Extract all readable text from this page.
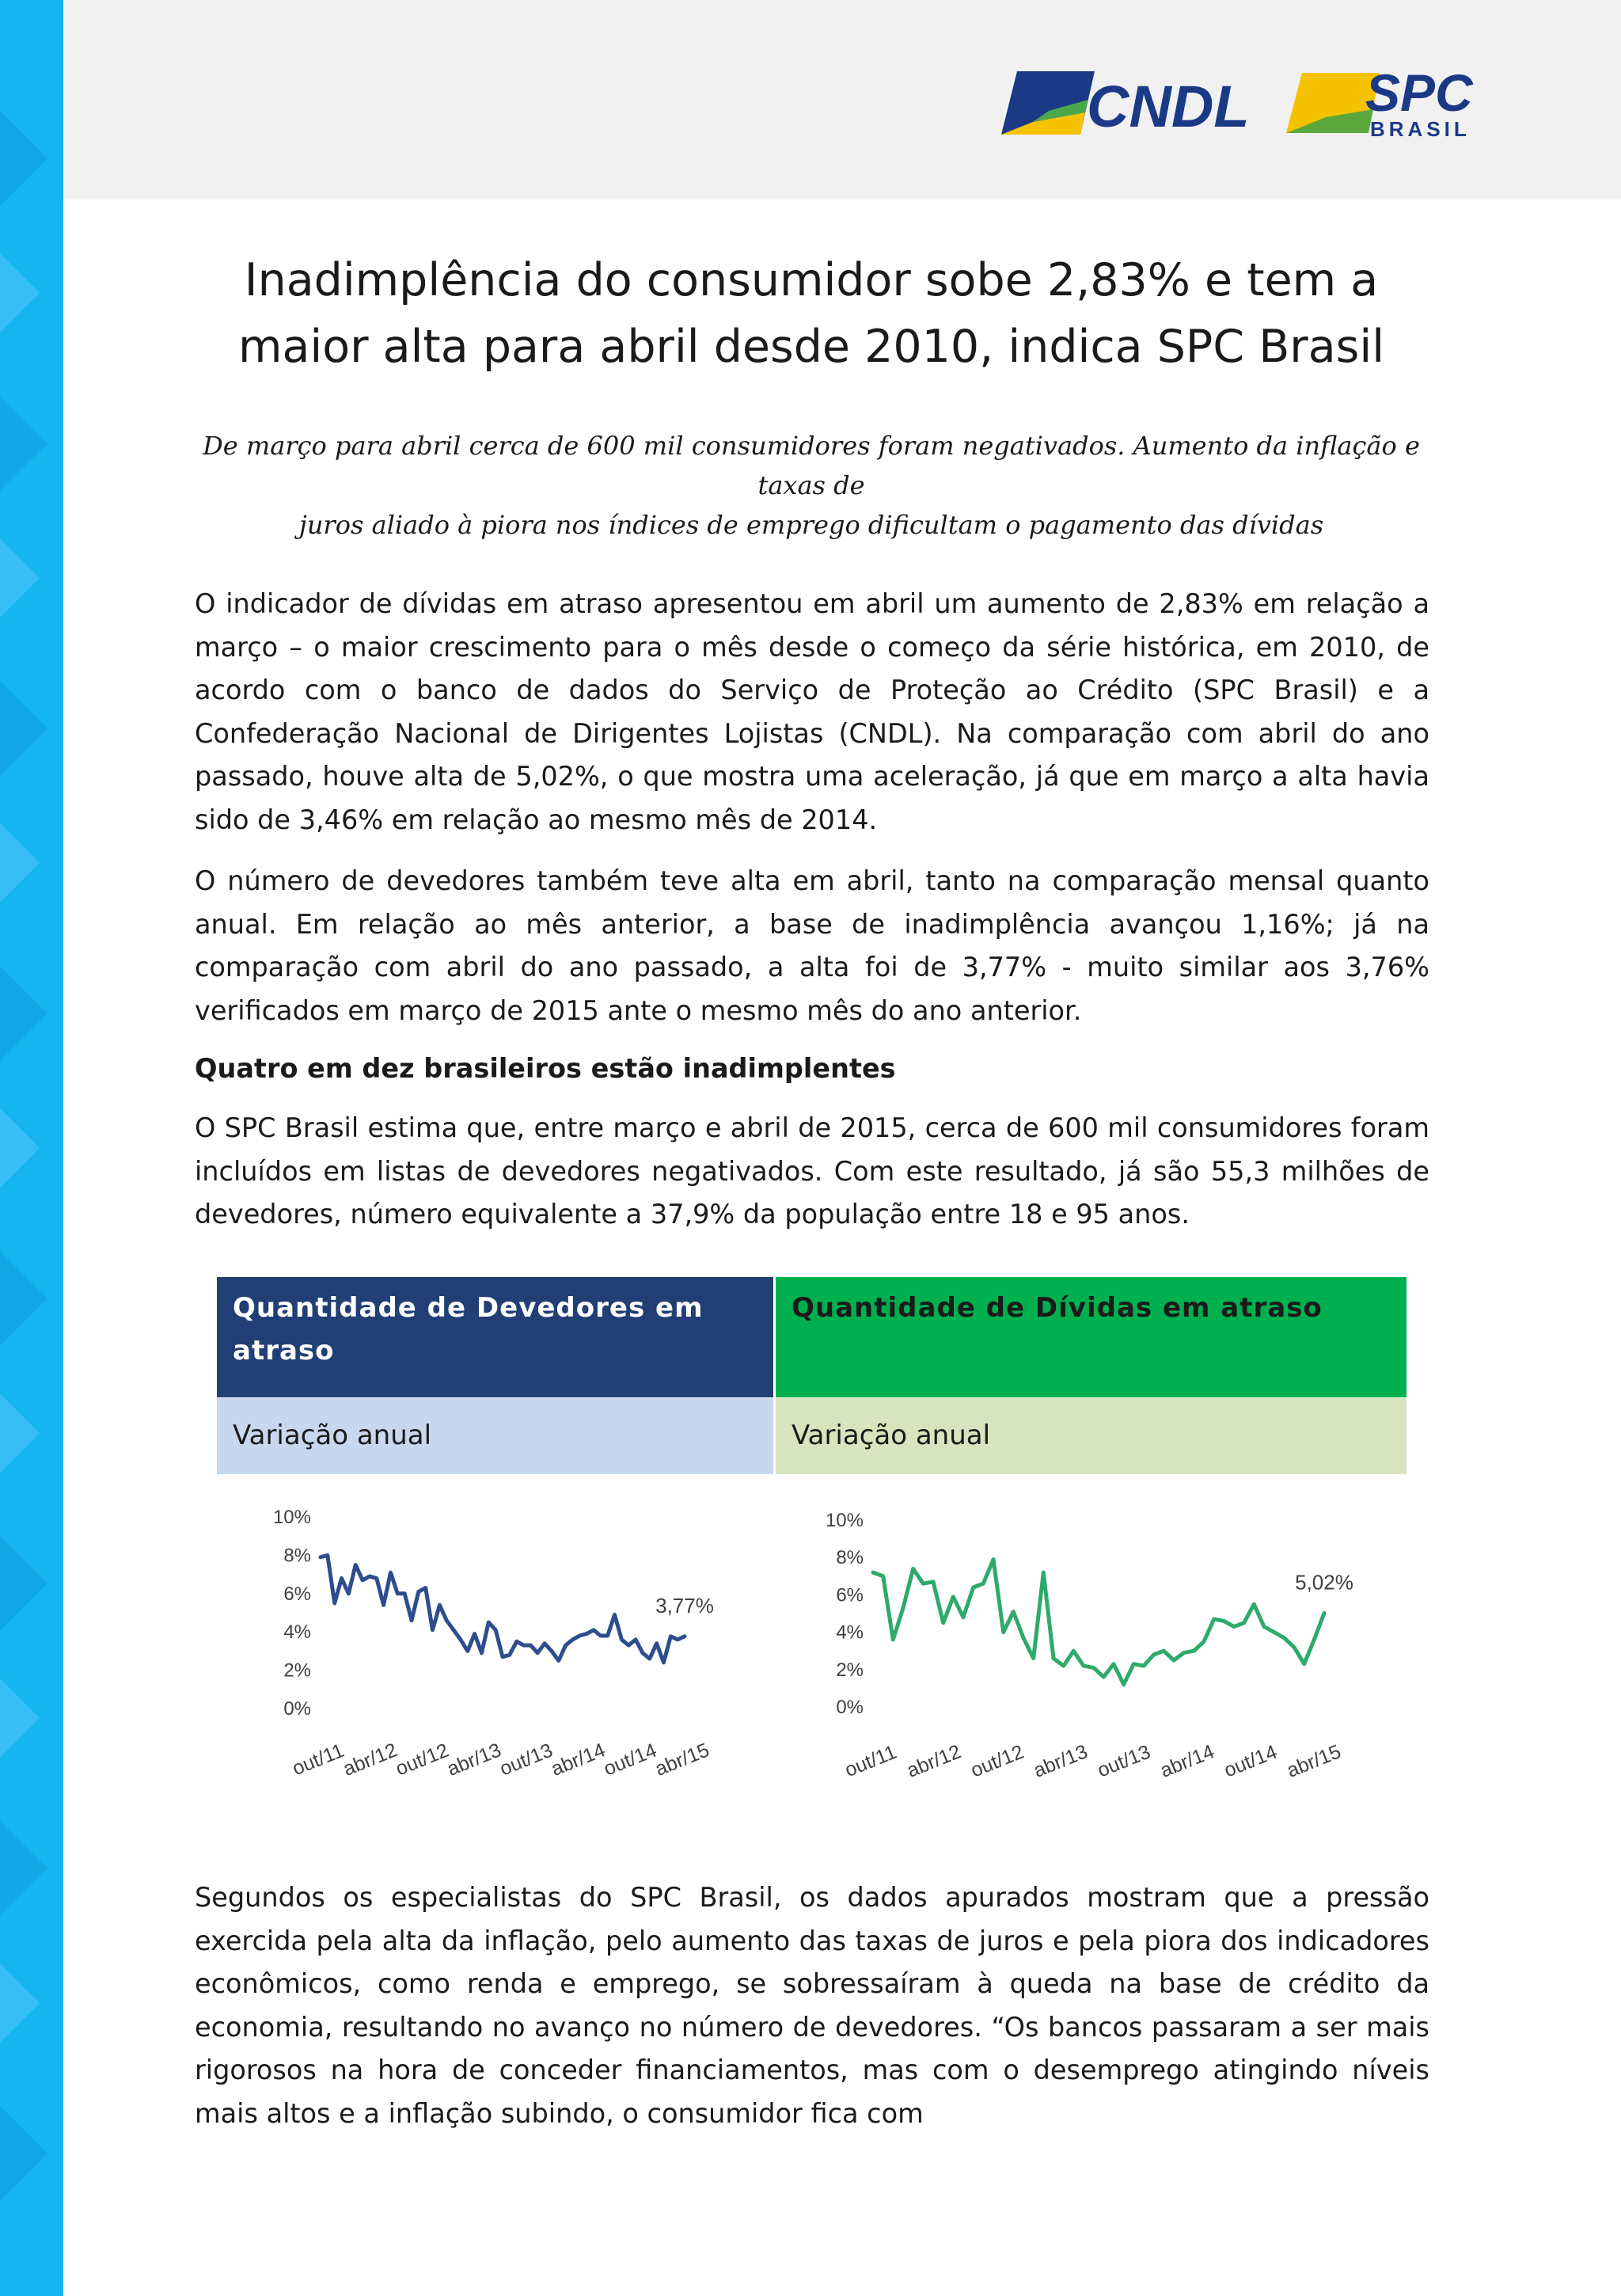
CNDL SPC
BRASIL
Inadimplência do consumidor sobe 2,83% e tem a
maior alta para abril desde 2010, indica SPC Brasil
De março para abril cerca de 600 mil consumidores foram negativados. Aumento da inflação e taxas de
juros aliado à piora nos índices de emprego dificultam o pagamento das dívidas

O indicador de dívidas em atraso apresentou em abril um aumento de 2,83% em relação a março – o maior crescimento para o mês desde o começo da série histórica, em 2010, de acordo com o banco de dados do Serviço de Proteção ao Crédito (SPC Brasil) e a Confederação Nacional de Dirigentes Lojistas (CNDL). Na comparação com abril do ano passado, houve alta de 5,02%, o que mostra uma aceleração, já que em março a alta havia sido de 3,46% em relação ao mesmo mês de 2014.

O número de devedores também teve alta em abril, tanto na comparação mensal quanto anual. Em relação ao mês anterior, a base de inadimplência avançou 1,16%; já na comparação com abril do ano passado, a alta foi de 3,77% - muito similar aos 3,76% verificados em março de 2015 ante o mesmo mês do ano anterior.

Quatro em dez brasileiros estão inadimplentes

O SPC Brasil estima que, entre março e abril de 2015, cerca de 600 mil consumidores foram incluídos em listas de devedores negativados. Com este resultado, já são 55,3 milhões de devedores, número equivalente a 37,9% da população entre 18 e 95 anos.

Quantidade de Devedores em atraso
Quantidade de Dívidas em atraso
Variação anual	Variação anual
10%
8%
6%
4%
2%
0%
out/11
abr/12
out/12
abr/13
out/13
abr/14
out/14
abr/15
3,77%
10%
8%
6%
4%
2%
0%
out/11 abr/12 out/12 abr/13 out/13 abr/14 out/14 abr/15
5,02%

Segundos os especialistas do SPC Brasil, os dados apurados mostram que a pressão exercida pela alta da inflação, pelo aumento das taxas de juros e pela piora dos indicadores econômicos, como renda e emprego, se sobressaíram à queda na base de crédito da economia, resultando no avanço no número de devedores. “Os bancos passaram a ser mais rigorosos na hora de conceder financiamentos, mas com o desemprego atingindo níveis mais altos e a inflação subindo, o consumidor fica com
